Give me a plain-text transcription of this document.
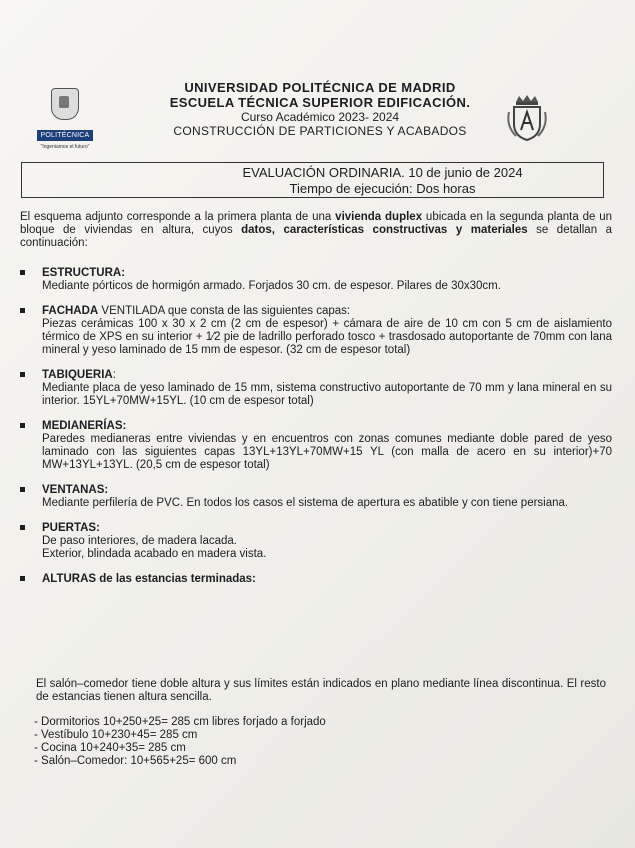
POLITÉCNICA
"Ingeniamos el futuro"
UNIVERSIDAD POLITÉCNICA DE MADRID
ESCUELA TÉCNICA SUPERIOR EDIFICACIÓN.
Curso Académico 2023- 2024
CONSTRUCCIÓN DE PARTICIONES Y ACABADOS
EVALUACIÓN ORDINARIA. 10 de junio de 2024
Tiempo de ejecución: Dos horas
El esquema adjunto corresponde a la primera planta de una vivienda duplex ubicada en la segunda planta de un bloque de viviendas en altura, cuyos datos, características constructivas y materiales se detallan a continuación:
ESTRUCTURA:
Mediante pórticos de hormigón armado. Forjados 30 cm. de espesor. Pilares de 30x30cm.
FACHADA VENTILADA que consta de las siguientes capas:
Piezas cerámicas 100 x 30 x 2 cm (2 cm de espesor) + cámara de aire de 10 cm con 5 cm de aislamiento térmico de XPS en su interior + 1⁄2 pie de ladrillo perforado tosco + trasdosado autoportante de 70mm con lana mineral y yeso laminado de 15 mm de espesor. (32 cm de espesor total)
TABIQUERIA:
Mediante placa de yeso laminado de 15 mm, sistema constructivo autoportante de 70 mm y lana mineral en su interior. 15YL+70MW+15YL. (10 cm de espesor total)
MEDIANERÍAS:
Paredes medianeras entre viviendas y en encuentros con zonas comunes mediante doble pared de yeso laminado con las siguientes capas 13YL+13YL+70MW+15 YL (con malla de acero en su interior)+70 MW+13YL+13YL. (20,5 cm de espesor total)
VENTANAS:
Mediante perfilería de PVC. En todos los casos el sistema de apertura es abatible y con tiene persiana.
PUERTAS:
De paso interiores, de madera lacada.
Exterior, blindada acabado en madera vista.
ALTURAS de las estancias terminadas:
El salón–comedor tiene doble altura y sus límites están indicados en plano mediante línea discontinua. El resto de estancias tienen altura sencilla.
- Dormitorios 10+250+25= 285 cm libres forjado a forjado
- Vestíbulo 10+230+45= 285 cm
- Cocina 10+240+35= 285 cm
- Salón–Comedor: 10+565+25= 600 cm
